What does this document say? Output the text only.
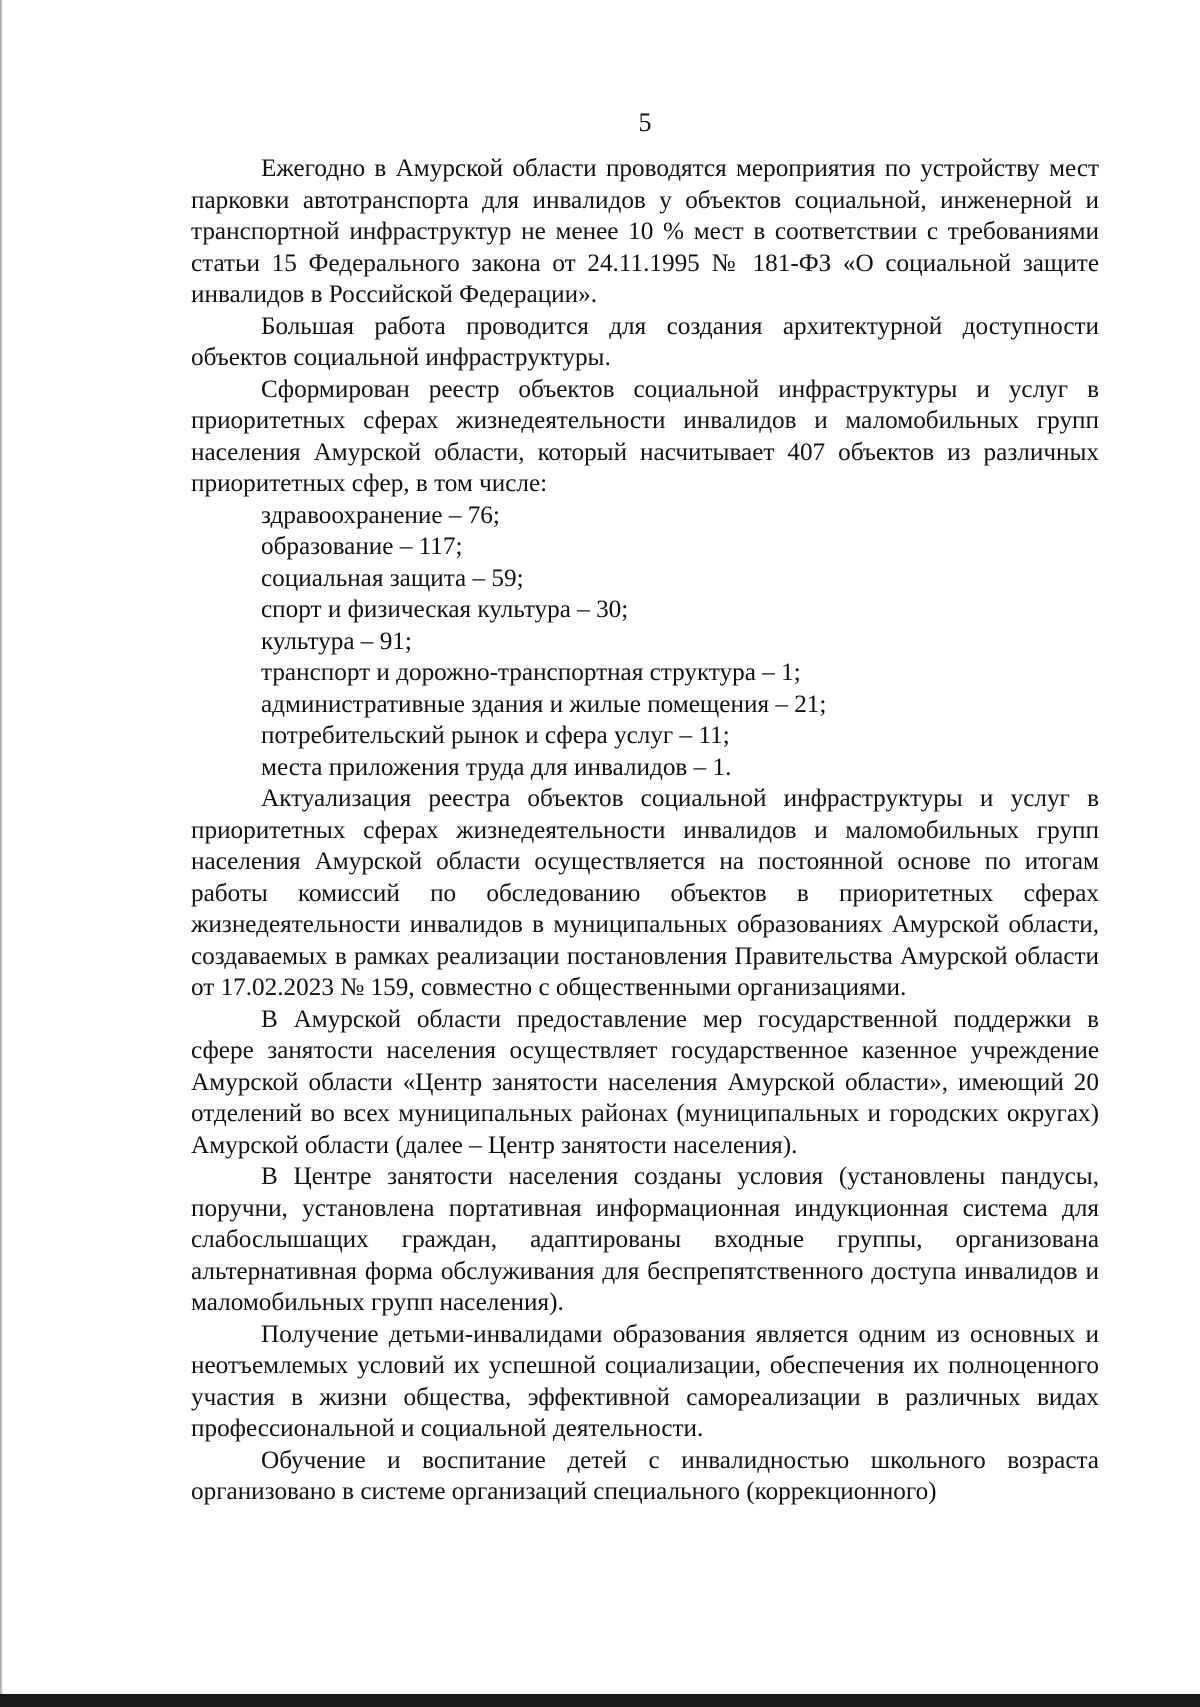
5

Ежегодно в Амурской области проводятся мероприятия по устройству мест парковки автотранспорта для инвалидов у объектов социальной, инженерной и транспортной инфраструктур не менее 10 % мест в соответствии с требованиями статьи 15 Федерального закона от 24.11.1995 № 181-ФЗ «О социальной защите инвалидов в Российской Федерации».

Большая работа проводится для создания архитектурной доступности объектов социальной инфраструктуры.

Сформирован реестр объектов социальной инфраструктуры и услуг в приоритетных сферах жизнедеятельности инвалидов и маломобильных групп населения Амурской области, который насчитывает 407 объектов из различных приоритетных сфер, в том числе:

здравоохранение – 76;
образование – 117;
социальная защита – 59;
спорт и физическая культура – 30;
культура – 91;
транспорт и дорожно-транспортная структура – 1;
административные здания и жилые помещения – 21;
потребительский рынок и сфера услуг – 11;
места приложения труда для инвалидов – 1.

Актуализация реестра объектов социальной инфраструктуры и услуг в приоритетных сферах жизнедеятельности инвалидов и маломобильных групп населения Амурской области осуществляется на постоянной основе по итогам работы комиссий по обследованию объектов в приоритетных сферах жизнедеятельности инвалидов в муниципальных образованиях Амурской области, создаваемых в рамках реализации постановления Правительства Амурской области от 17.02.2023 № 159, совместно с общественными организациями.

В Амурской области предоставление мер государственной поддержки в сфере занятости населения осуществляет государственное казенное учреждение Амурской области «Центр занятости населения Амурской области», имеющий 20 отделений во всех муниципальных районах (муниципальных и городских округах) Амурской области (далее – Центр занятости населения).

В Центре занятости населения созданы условия (установлены пандусы, поручни, установлена портативная информационная индукционная система для слабослышащих граждан, адаптированы входные группы, организована альтернативная форма обслуживания для беспрепятственного доступа инвалидов и маломобильных групп населения).

Получение детьми-инвалидами образования является одним из основных и неотъемлемых условий их успешной социализации, обеспечения их полноценного участия в жизни общества, эффективной самореализации в различных видах профессиональной и социальной деятельности.

Обучение и воспитание детей с инвалидностью школьного возраста организовано в системе организаций специального (коррекционного)
